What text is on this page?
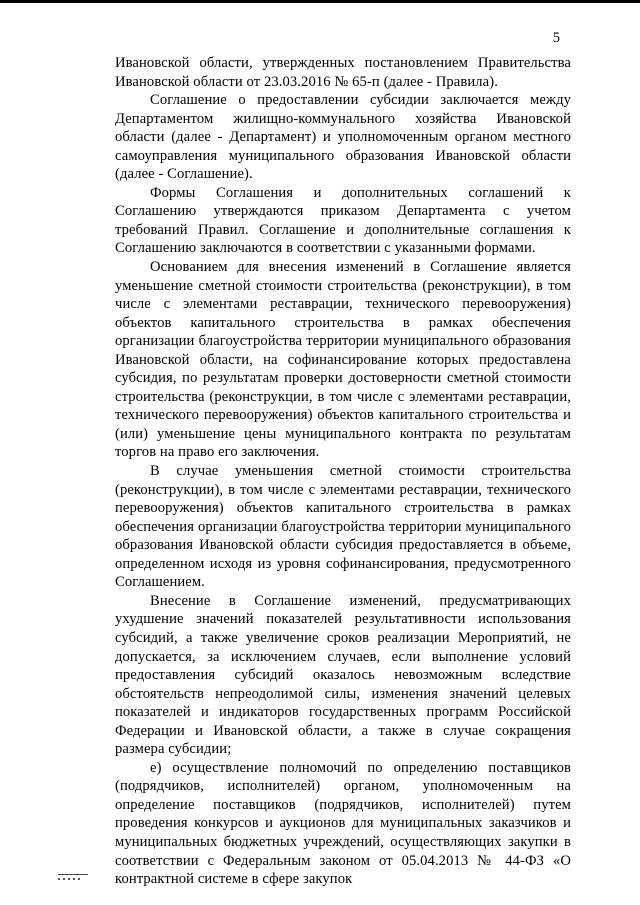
5

Ивановской области, утвержденных постановлением Правительства Ивановской области от 23.03.2016 № 65-п (далее - Правила).

Соглашение о предоставлении субсидии заключается между Департаментом жилищно-коммунального хозяйства Ивановской области (далее - Департамент) и уполномоченным органом местного самоуправления муниципального образования Ивановской области (далее - Соглашение).

Формы Соглашения и дополнительных соглашений к Соглашению утверждаются приказом Департамента с учетом требований Правил. Соглашение и дополнительные соглашения к Соглашению заключаются в соответствии с указанными формами.

Основанием для внесения изменений в Соглашение является уменьшение сметной стоимости строительства (реконструкции), в том числе с элементами реставрации, технического перевооружения) объектов капитального строительства в рамках обеспечения организации благоустройства территории муниципального образования Ивановской области, на софинансирование которых предоставлена субсидия, по результатам проверки достоверности сметной стоимости строительства (реконструкции, в том числе с элементами реставрации, технического перевооружения) объектов капитального строительства и (или) уменьшение цены муниципального контракта по результатам торгов на право его заключения.

В случае уменьшения сметной стоимости строительства (реконструкции), в том числе с элементами реставрации, технического перевооружения) объектов капитального строительства в рамках обеспечения организации благоустройства территории муниципального образования Ивановской области субсидия предоставляется в объеме, определенном исходя из уровня софинансирования, предусмотренного Соглашением.

Внесение в Соглашение изменений, предусматривающих ухудшение значений показателей результативности использования субсидий, а также увеличение сроков реализации Мероприятий, не допускается, за исключением случаев, если выполнение условий предоставления субсидий оказалось невозможным вследствие обстоятельств непреодолимой силы, изменения значений целевых показателей и индикаторов государственных программ Российской Федерации и Ивановской области, а также в случае сокращения размера субсидии;

е) осуществление полномочий по определению поставщиков (подрядчиков, исполнителей) органом, уполномоченным на определение поставщиков (подрядчиков, исполнителей) путем проведения конкурсов и аукционов для муниципальных заказчиков и муниципальных бюджетных учреждений, осуществляющих закупки в соответствии с Федеральным законом от 05.04.2013 № 44-ФЗ «О контрактной системе в сфере закупок
